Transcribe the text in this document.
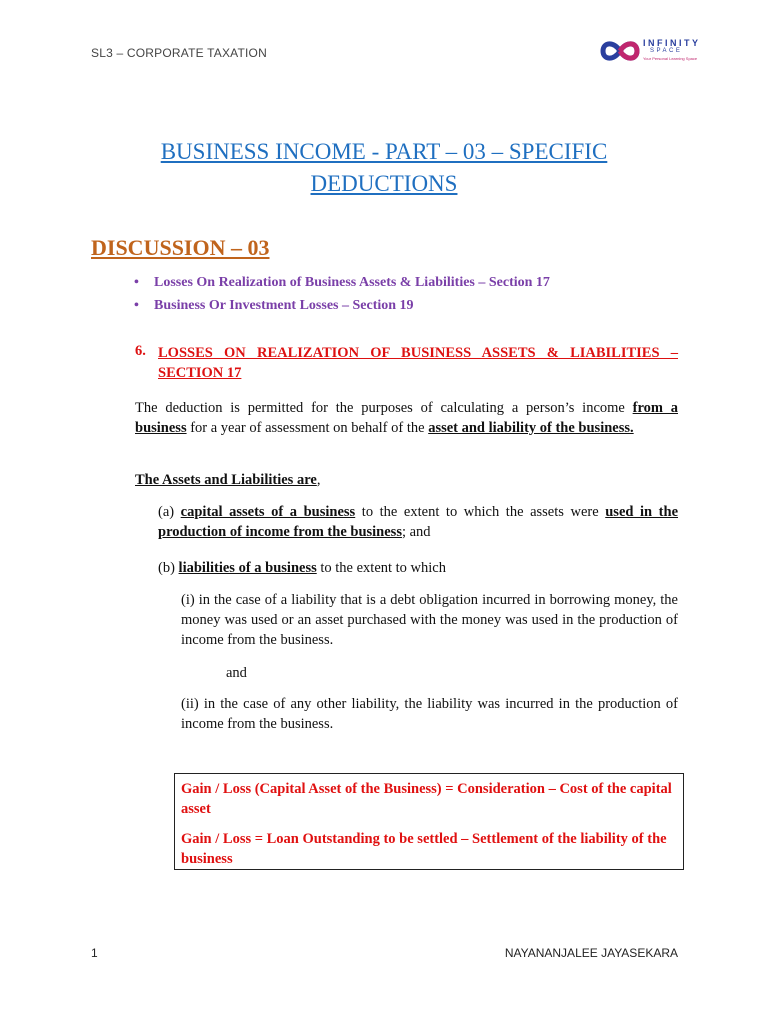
SL3 – CORPORATE TAXATION
INFINITY
SPACE
Your Personal Learning Space
BUSINESS INCOME - PART – 03 – SPECIFIC DEDUCTIONS
DISCUSSION – 03
• Losses On Realization of Business Assets & Liabilities – Section 17
• Business Or Investment Losses – Section 19
6. LOSSES ON REALIZATION OF BUSINESS ASSETS & LIABILITIES – SECTION 17
The deduction is permitted for the purposes of calculating a person’s income from a business for a year of assessment on behalf of the asset and liability of the business.
The Assets and Liabilities are,
(a) capital assets of a business to the extent to which the assets were used in the production of income from the business; and
(b) liabilities of a business to the extent to which
(i) in the case of a liability that is a debt obligation incurred in borrowing money, the money was used or an asset purchased with the money was used in the production of income from the business.
and
(ii) in the case of any other liability, the liability was incurred in the production of income from the business.

Gain / Loss (Capital Asset of the Business) = Consideration – Cost of the capital asset

Gain / Loss = Loan Outstanding to be settled – Settlement of the liability of the business

1	NAYANANJALEE JAYASEKARA
